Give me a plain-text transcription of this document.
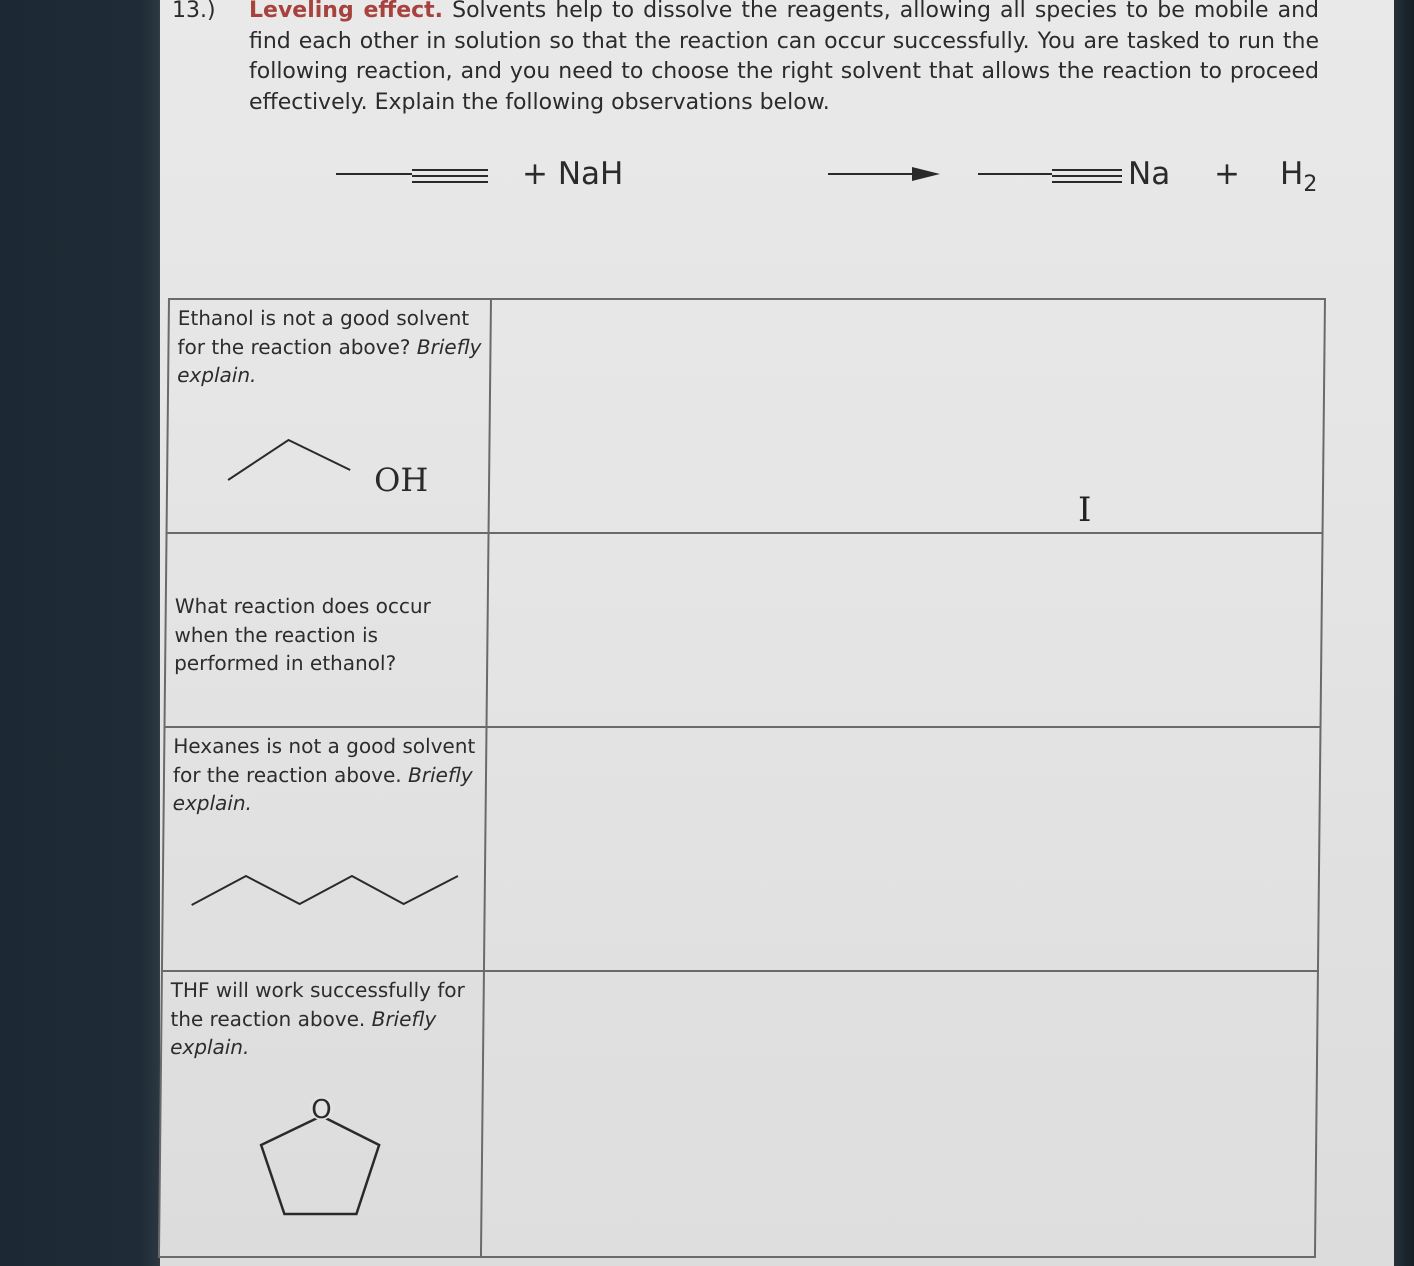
13.) Leveling effect. Solvents help to dissolve the reagents, allowing all species to be mobile and find each other in solution so that the reaction can occur successfully. You are tasked to run the following reaction, and you need to choose the right solvent that allows the reaction to proceed effectively. Explain the following observations below.
+ NaH	$Na + H_2$
Ethanol is not a good solvent for the reaction above? Briefly explain.
OH	

What reaction does occur when the reaction is performed in ethanol?	

Hexanes is not a good solvent for the reaction above. Briefly explain.	

THF will work successfully for the reaction above. Briefly explain.
O	

I
